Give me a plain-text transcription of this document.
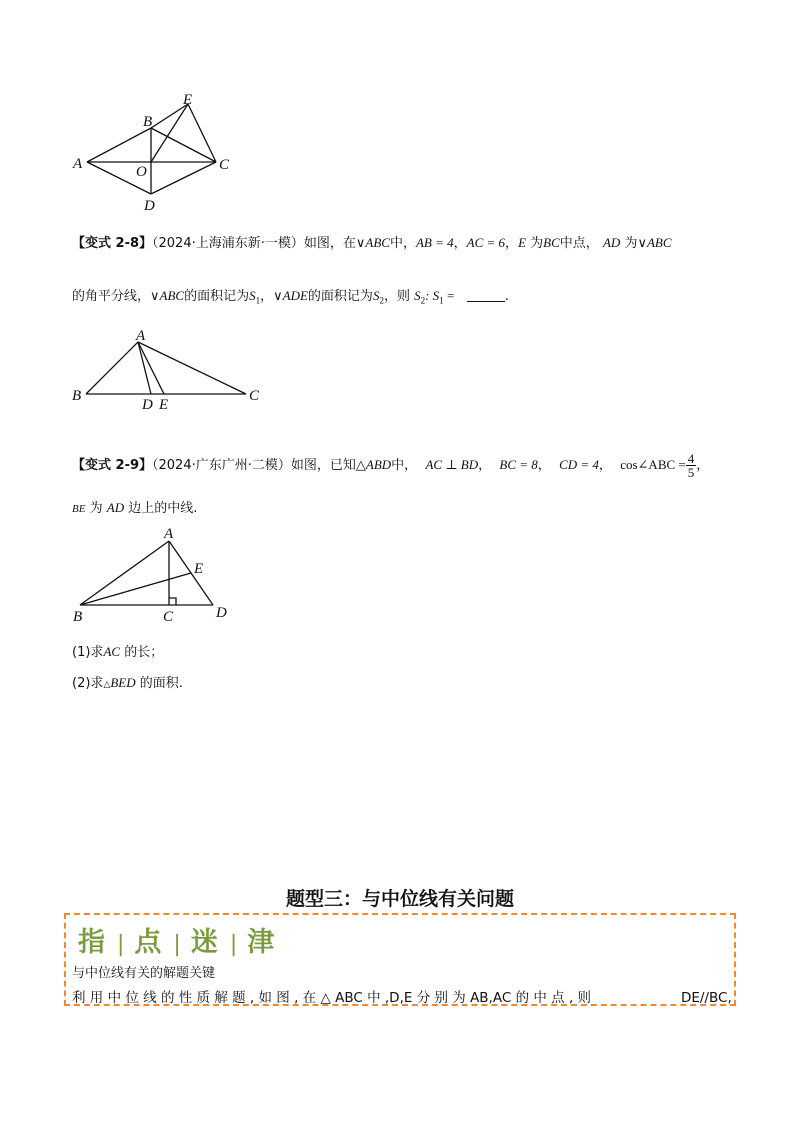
A
B
C
D
E
O
【变式 2-8】（2024·上海浦东新·一模）如图，在∨ABC中，AB = 4，AC = 6，E 为BC中点， AD 为∨ABC
的角平分线，∨ABC的面积记为$S_1$，∨ADE的面积记为$S_2$，则 $S_2$: $S_1$ =	.
A
B	C
D E
【变式 2-9】（2024·广东广州·二模）如图，已知△ABD中， AC ⊥ BD， BC = 8， CD = 4， cos∠ABC = $\frac{4}{5}$ ，
BE 为 AD 边上的中线.
A
B	C	D
E
(1)求AC 的长；
(2)求△BED 的面积.
题型三：与中位线有关问题
指 | 点 | 迷 | 津
与中位线有关的解题关键
利 用 中 位 线 的 性 质 解 题 , 如 图 , 在 △ ABC 中 ,D,E 分 别 为 AB,AC 的 中 点 , 则	DE//BC,
